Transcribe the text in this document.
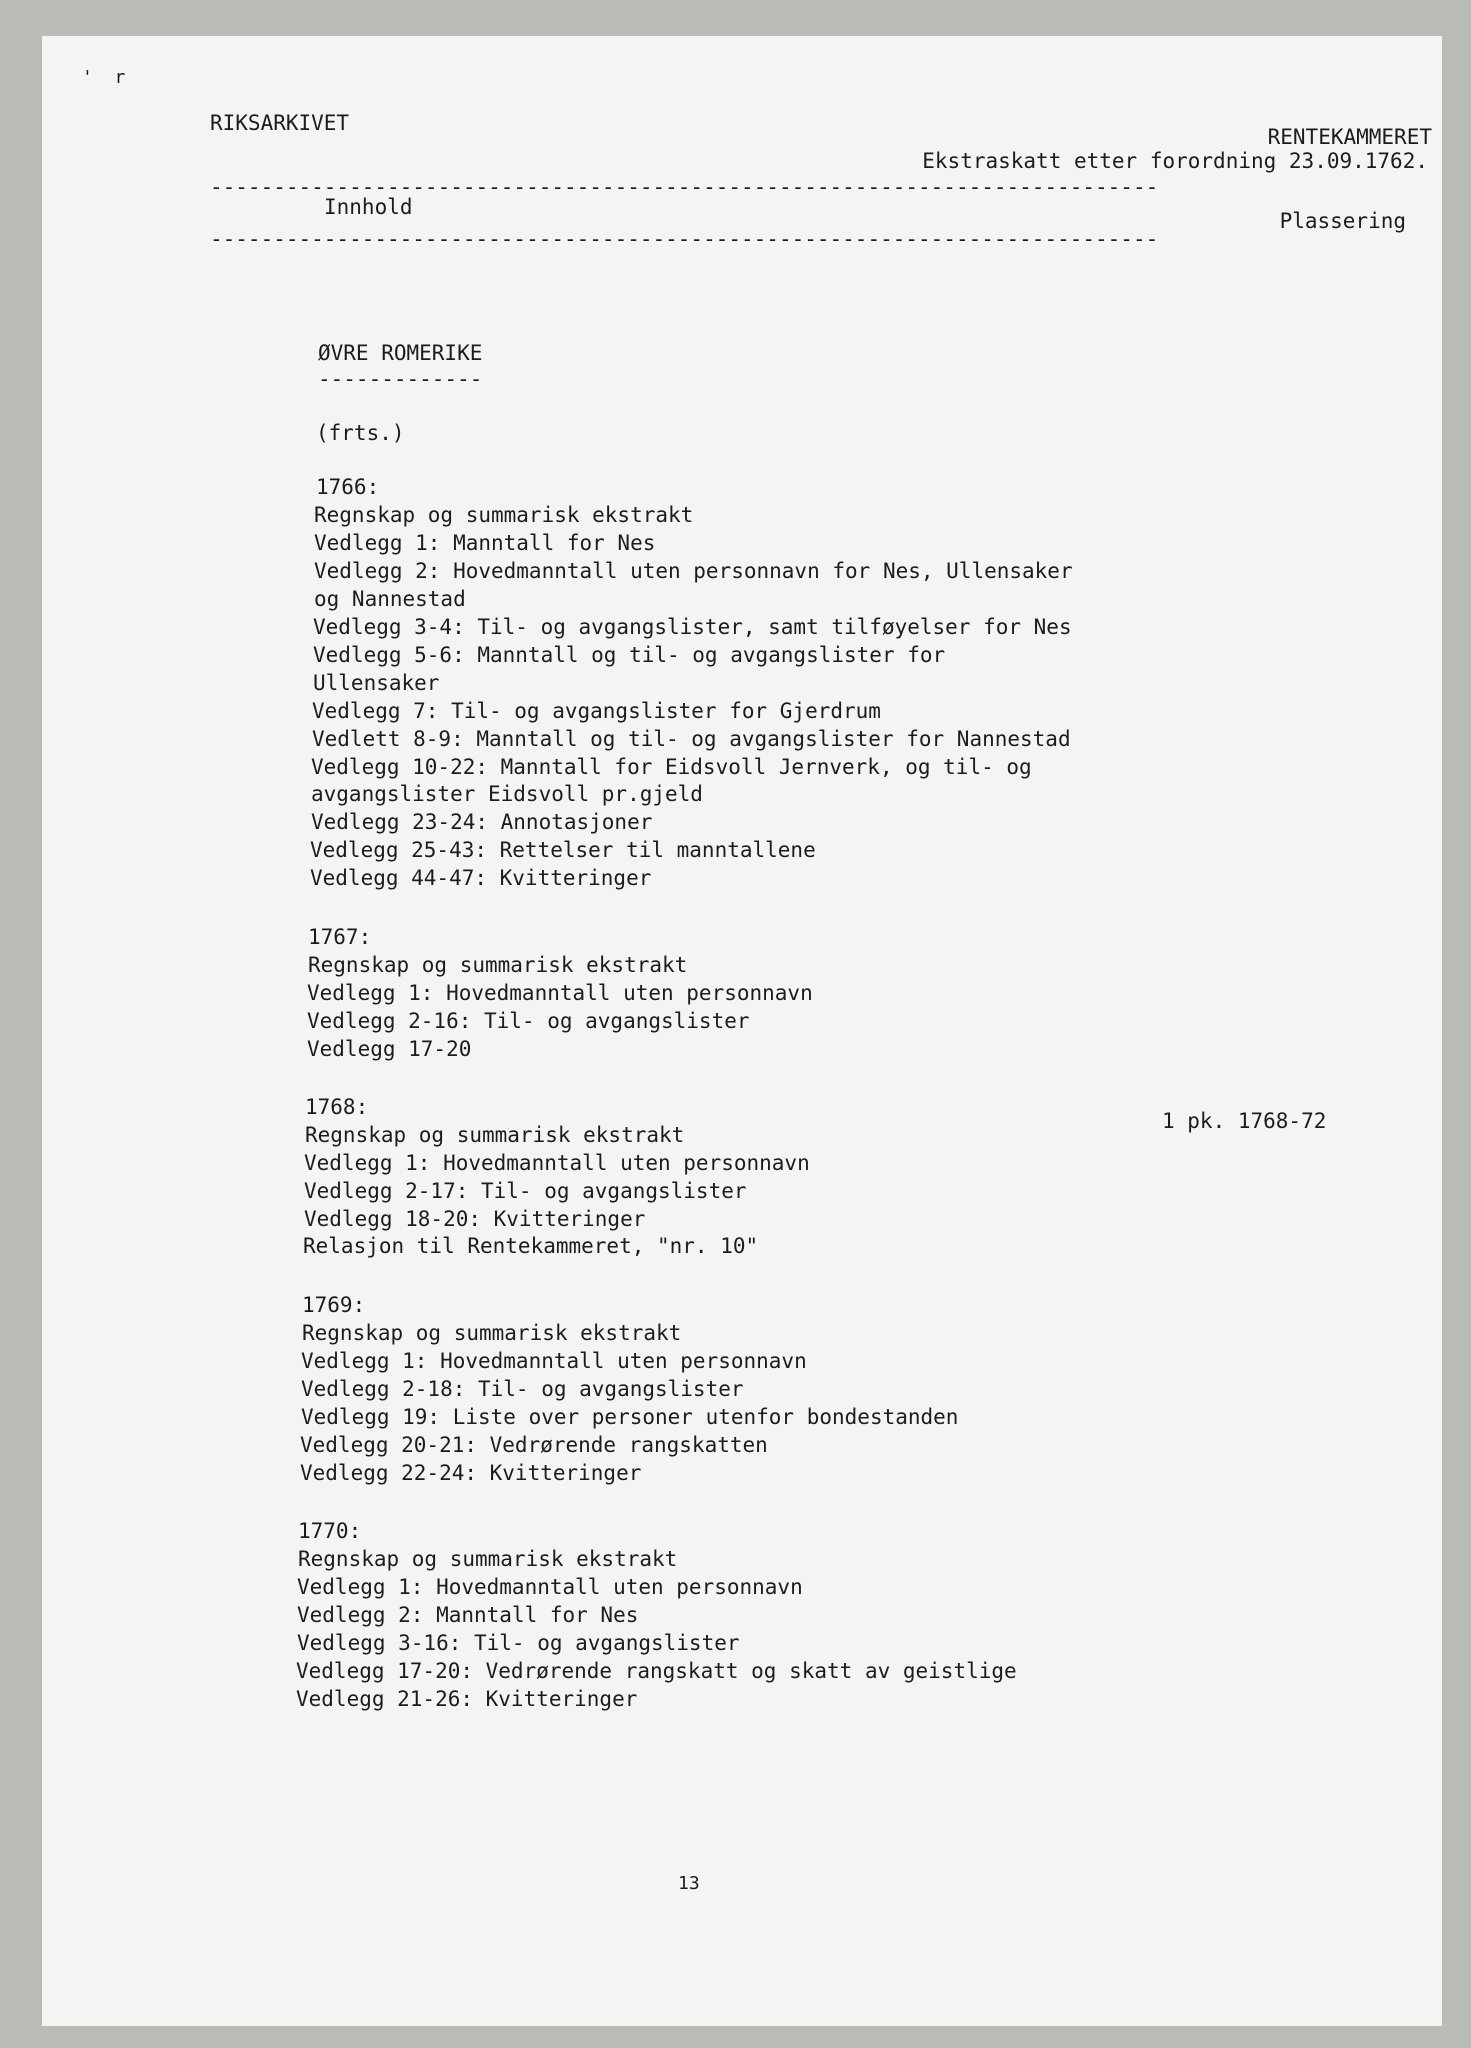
'  r
RIKSARKIVET
RENTEKAMMERET
Ekstraskatt etter forordning 23.09.1762.
---------------------------------------------------------------------------
Innhold
Plassering
---------------------------------------------------------------------------
ØVRE ROMERIKE
-------------
(frts.)
1766:
Regnskap og summarisk ekstrakt
Vedlegg 1: Manntall for Nes
Vedlegg 2: Hovedmanntall uten personnavn for Nes, Ullensaker
og Nannestad
Vedlegg 3-4: Til- og avgangslister, samt tilføyelser for Nes
Vedlegg 5-6: Manntall og til- og avgangslister for
Ullensaker
Vedlegg 7: Til- og avgangslister for Gjerdrum
Vedlett 8-9: Manntall og til- og avgangslister for Nannestad
Vedlegg 10-22: Manntall for Eidsvoll Jernverk, og til- og
avgangslister Eidsvoll pr.gjeld
Vedlegg 23-24: Annotasjoner
Vedlegg 25-43: Rettelser til manntallene
Vedlegg 44-47: Kvitteringer
1767:
Regnskap og summarisk ekstrakt
Vedlegg 1: Hovedmanntall uten personnavn
Vedlegg 2-16: Til- og avgangslister
Vedlegg 17-20
1768:
1 pk. 1768-72
Regnskap og summarisk ekstrakt
Vedlegg 1: Hovedmanntall uten personnavn
Vedlegg 2-17: Til- og avgangslister
Vedlegg 18-20: Kvitteringer
Relasjon til Rentekammeret, "nr. 10"
1769:
Regnskap og summarisk ekstrakt
Vedlegg 1: Hovedmanntall uten personnavn
Vedlegg 2-18: Til- og avgangslister
Vedlegg 19: Liste over personer utenfor bondestanden
Vedlegg 20-21: Vedrørende rangskatten
Vedlegg 22-24: Kvitteringer
1770:
Regnskap og summarisk ekstrakt
Vedlegg 1: Hovedmanntall uten personnavn
Vedlegg 2: Manntall for Nes
Vedlegg 3-16: Til- og avgangslister
Vedlegg 17-20: Vedrørende rangskatt og skatt av geistlige
Vedlegg 21-26: Kvitteringer
13
